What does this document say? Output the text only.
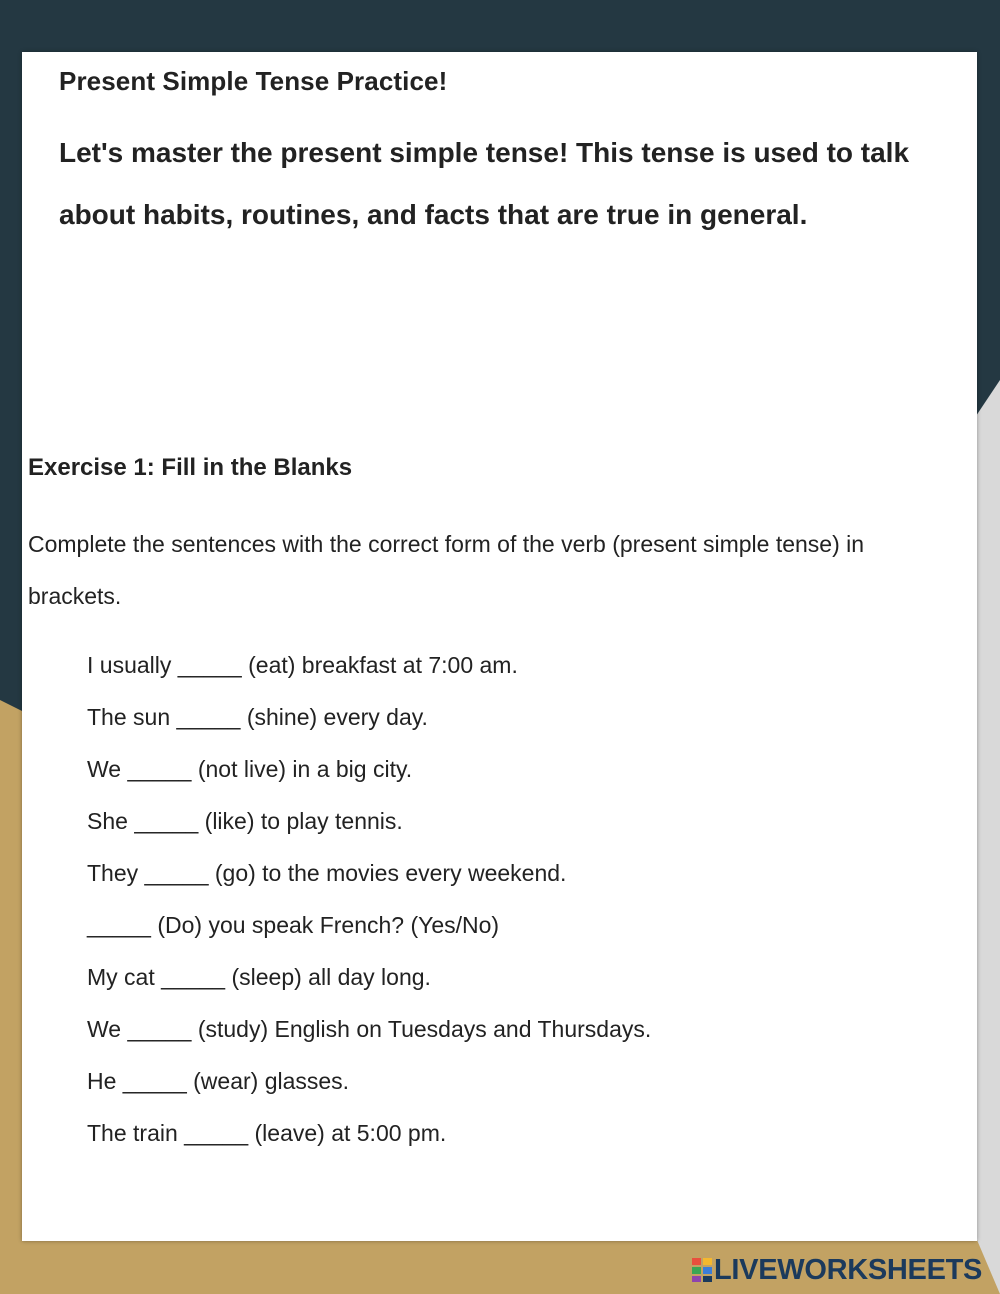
Present Simple Tense Practice!

Let's master the present simple tense! This tense is used to talk about habits, routines, and facts that are true in general.

Exercise 1: Fill in the Blanks

Complete the sentences with the correct form of the verb (present simple tense) in brackets.

I usually _____ (eat) breakfast at 7:00 am.
The sun _____ (shine) every day.
We _____ (not live) in a big city.
She _____ (like) to play tennis.
They _____ (go) to the movies every weekend.
_____ (Do) you speak French? (Yes/No)
My cat _____ (sleep) all day long.
We _____ (study) English on Tuesdays and Thursdays.
He _____ (wear) glasses.
The train _____ (leave) at 5:00 pm.
LIVEWORKSHEETS
